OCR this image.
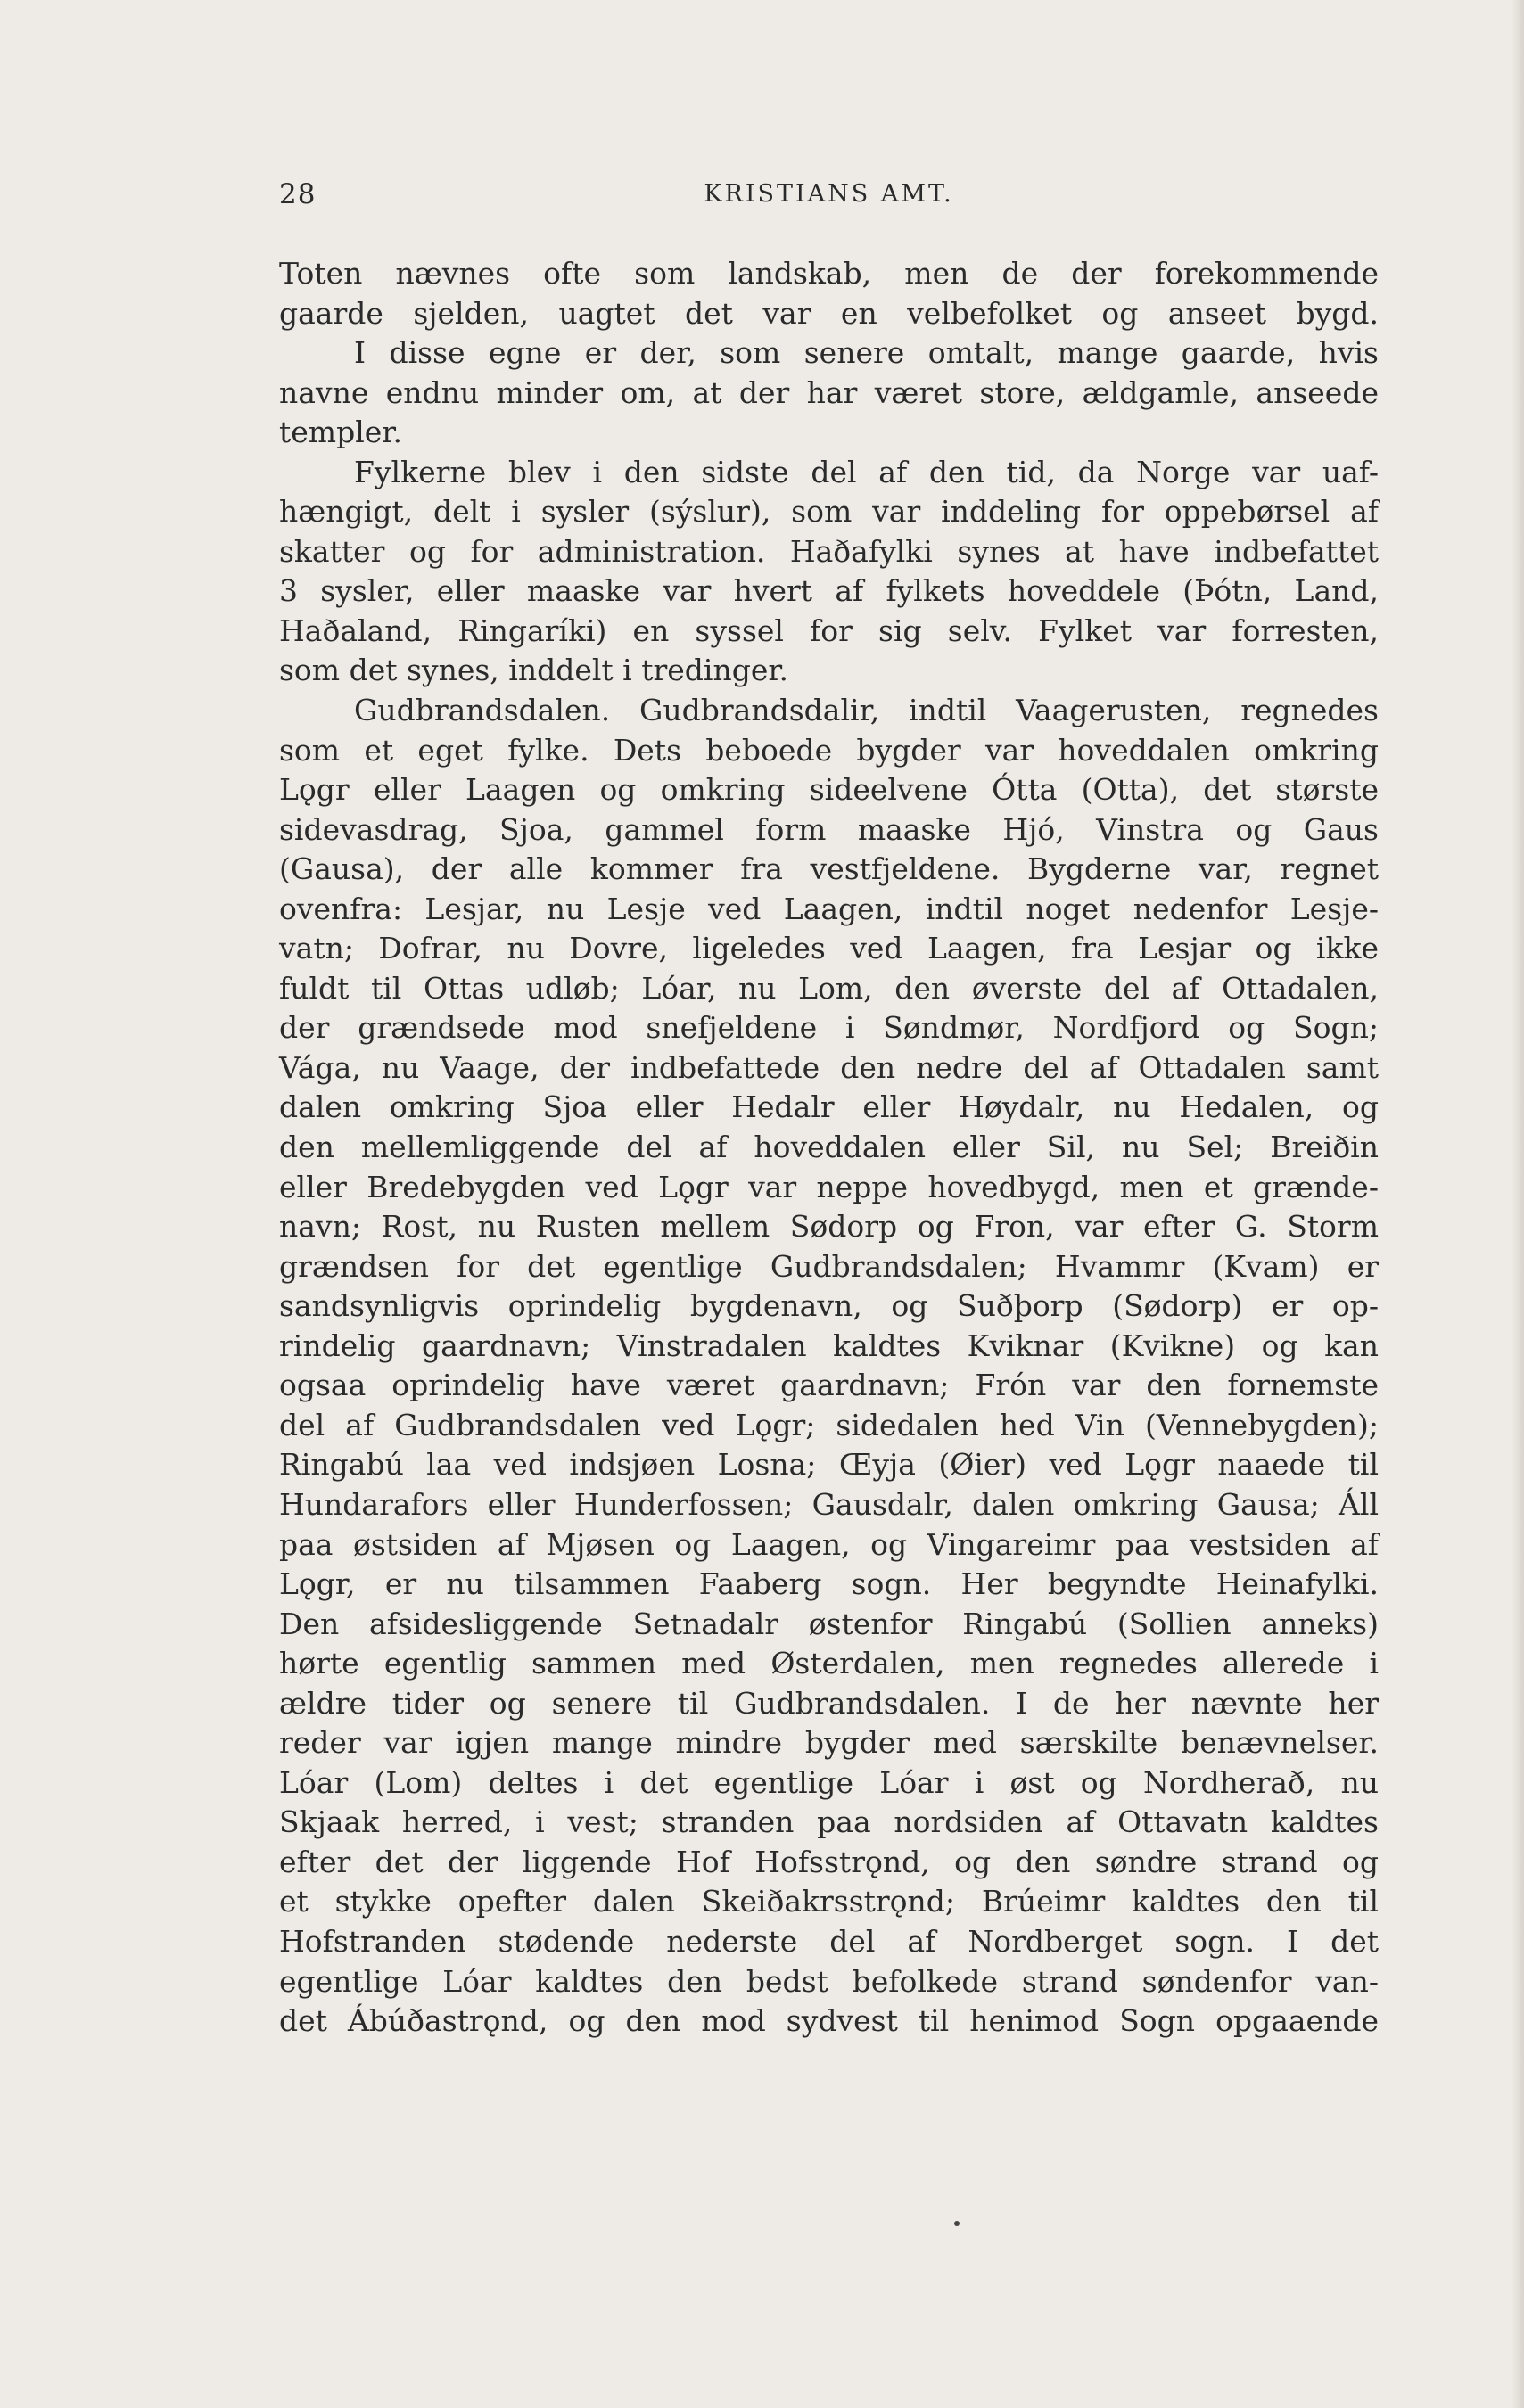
28	KRISTIANS AMT.
Toten nævnes ofte som landskab, men de der forekommende
gaarde sjelden, uagtet det var en velbefolket og anseet bygd.
I disse egne er der, som senere omtalt, mange gaarde, hvis
navne endnu minder om, at der har været store, ældgamle, anseede
templer.
Fylkerne blev i den sidste del af den tid, da Norge var uaf-
hængigt, delt i sysler (sýslur), som var inddeling for oppebørsel af
skatter og for administration. Haðafylki synes at have indbefattet
3 sysler, eller maaske var hvert af fylkets hoveddele (Þótn, Land,
Haðaland, Ringaríki) en syssel for sig selv. Fylket var forresten,
som det synes, inddelt i tredinger.
Gudbrandsdalen. Gudbrandsdalir, indtil Vaagerusten, regnedes
som et eget fylke. Dets beboede bygder var hoveddalen omkring
Lǫgr eller Laagen og omkring sideelvene Ótta (Otta), det største
sidevasdrag, Sjoa, gammel form maaske Hjó, Vinstra og Gaus
(Gausa), der alle kommer fra vestfjeldene. Bygderne var, regnet
ovenfra: Lesjar, nu Lesje ved Laagen, indtil noget nedenfor Lesje-
vatn; Dofrar, nu Dovre, ligeledes ved Laagen, fra Lesjar og ikke
fuldt til Ottas udløb; Lóar, nu Lom, den øverste del af Ottadalen,
der grændsede mod snefjeldene i Søndmør, Nordfjord og Sogn;
Vága, nu Vaage, der indbefattede den nedre del af Ottadalen samt
dalen omkring Sjoa eller Hedalr eller Høydalr, nu Hedalen, og
den mellemliggende del af hoveddalen eller Sil, nu Sel; Breiðin
eller Bredebygden ved Lǫgr var neppe hovedbygd, men et grænde-
navn; Rost, nu Rusten mellem Sødorp og Fron, var efter G. Storm
grændsen for det egentlige Gudbrandsdalen; Hvammr (Kvam) er
sandsynligvis oprindelig bygdenavn, og Suðþorp (Sødorp) er op-
rindelig gaardnavn; Vinstradalen kaldtes Kviknar (Kvikne) og kan
ogsaa oprindelig have været gaardnavn; Frón var den fornemste
del af Gudbrandsdalen ved Lǫgr; sidedalen hed Vin (Vennebygden);
Ringabú laa ved indsjøen Losna; Œyja (Øier) ved Lǫgr naaede til
Hundarafors eller Hunderfossen; Gausdalr, dalen omkring Gausa; Áll
paa østsiden af Mjøsen og Laagen, og Vingareimr paa vestsiden af
Lǫgr, er nu tilsammen Faaberg sogn. Her begyndte Heinafylki.
Den afsidesliggende Setnadalr østenfor Ringabú (Sollien anneks)
hørte egentlig sammen med Østerdalen, men regnedes allerede i
ældre tider og senere til Gudbrandsdalen. I de her nævnte her
reder var igjen mange mindre bygder med særskilte benævnelser.
Lóar (Lom) deltes i det egentlige Lóar i øst og Nordherað, nu
Skjaak herred, i vest; stranden paa nordsiden af Ottavatn kaldtes
efter det der liggende Hof Hofsstrǫnd, og den søndre strand og
et stykke opefter dalen Skeiðakrsstrǫnd; Brúeimr kaldtes den til
Hofstranden stødende nederste del af Nordberget sogn. I det
egentlige Lóar kaldtes den bedst befolkede strand søndenfor van-
det Ábúðastrǫnd, og den mod sydvest til henimod Sogn opgaaende
